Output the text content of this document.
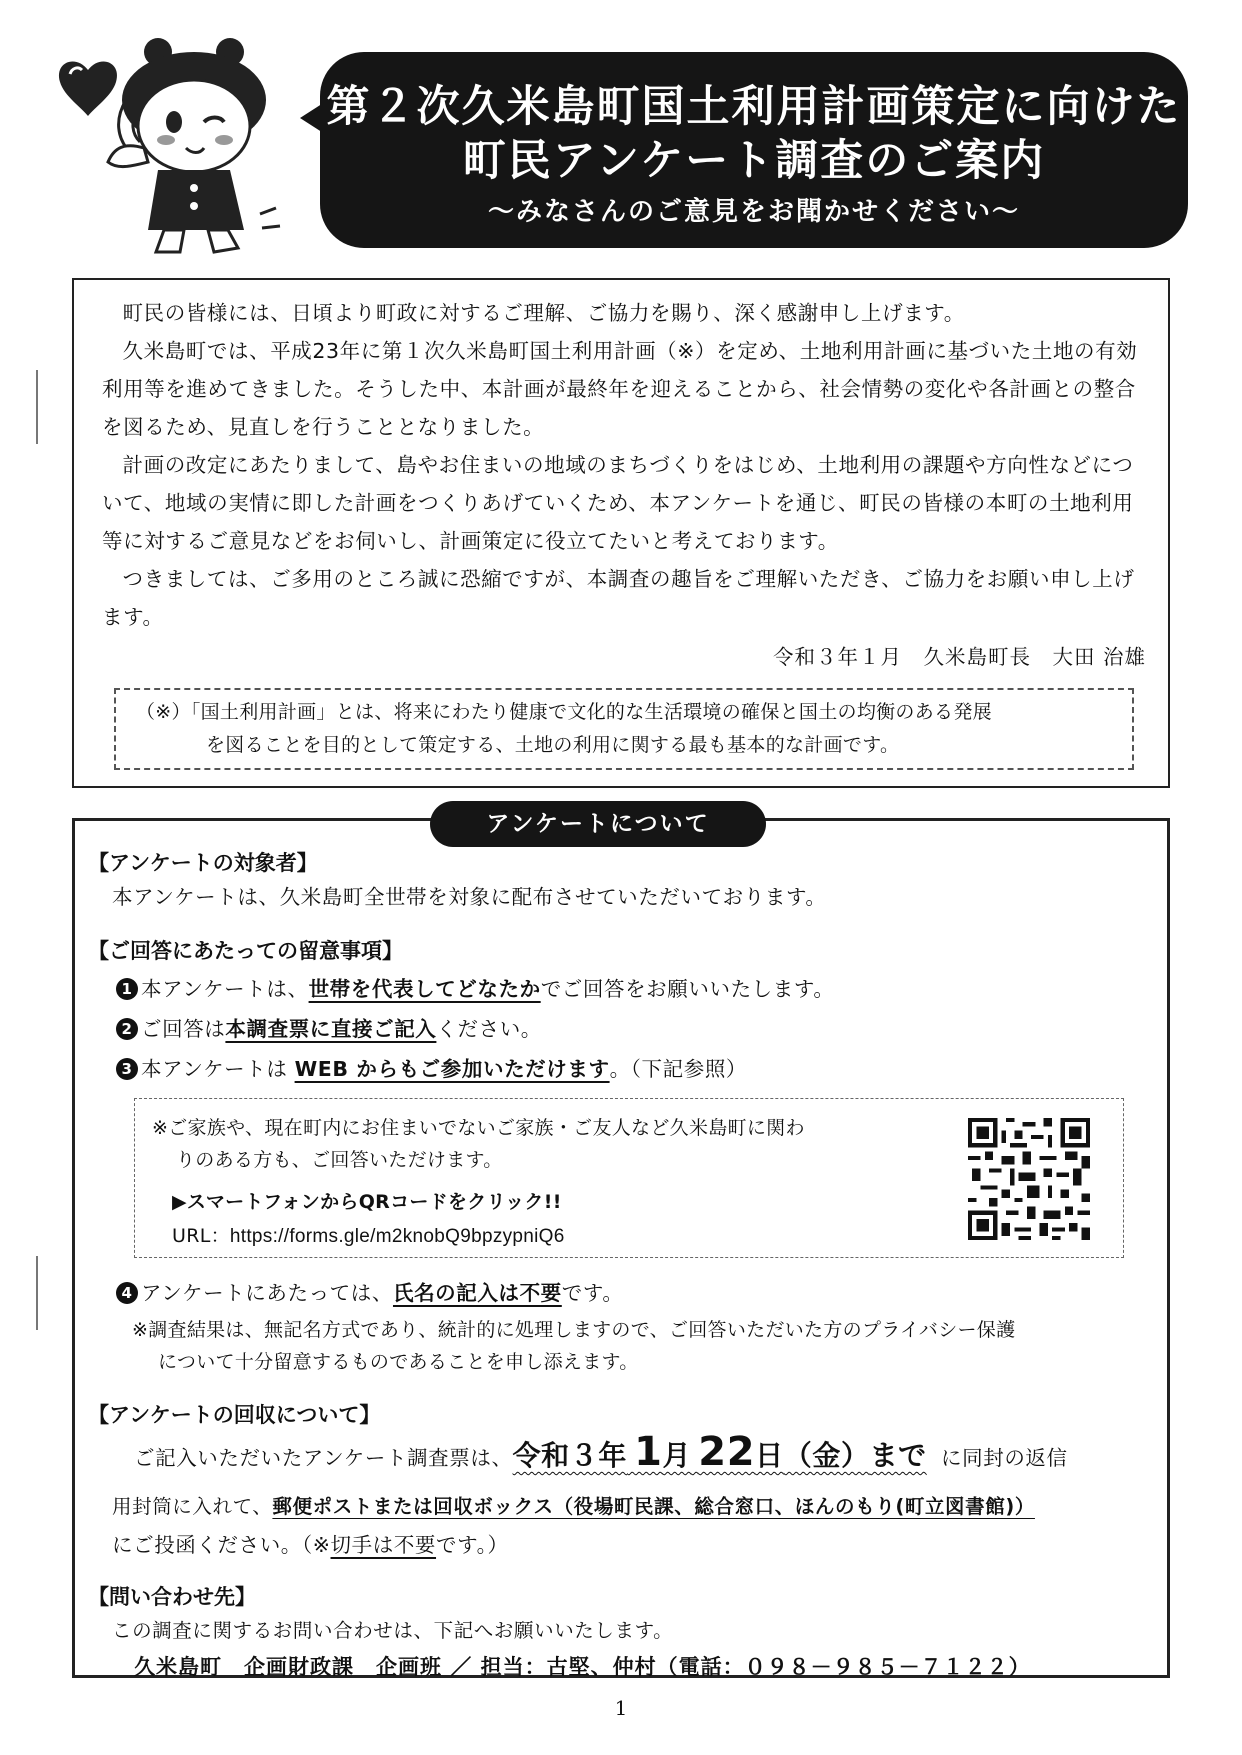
第２次久米島町国土利用計画策定に向けた
町民アンケート調査のご案内
～みなさんのご意見をお聞かせください～

町民の皆様には、日頃より町政に対するご理解、ご協力を賜り、深く感謝申し上げます。

久米島町では、平成23年に第１次久米島町国土利用計画（※）を定め、土地利用計画に基づいた土地の有効利用等を進めてきました。そうした中、本計画が最終年を迎えることから、社会情勢の変化や各計画との整合を図るため、見直しを行うこととなりました。

計画の改定にあたりまして、島やお住まいの地域のまちづくりをはじめ、土地利用の課題や方向性などについて、地域の実情に即した計画をつくりあげていくため、本アンケートを通じ、町民の皆様の本町の土地利用等に対するご意見などをお伺いし、計画策定に役立てたいと考えております。

つきましては、ご多用のところ誠に恐縮ですが、本調査の趣旨をご理解いただき、ご協力をお願い申し上げます。

令和３年１月　久米島町長　大田 治雄
（※）「国土利用計画」とは、将来にわたり健康で文化的な生活環境の確保と国土の均衡のある発展
を図ることを目的として策定する、土地の利用に関する最も基本的な計画です。
アンケートについて
【アンケートの対象者】
本アンケートは、久米島町全世帯を対象に配布させていただいております。
【ご回答にあたっての留意事項】
1 本アンケートは、世帯を代表してどなたかでご回答をお願いいたします。
2 ご回答は本調査票に直接ご記入ください。
3 本アンケートは WEB からもご参加いただけます。（下記参照）
※ご家族や、現在町内にお住まいでないご家族・ご友人など久米島町に関わ
りのある方も、ご回答いただけます。
▶スマートフォンからQRコードをクリック!!
URL：https://forms.gle/m2knobQ9bpzypniQ6
4 アンケートにあたっては、氏名の記入は不要です。
※調査結果は、無記名方式であり、統計的に処理しますので、ご回答いただいた方のプライバシー保護
について十分留意するものであることを申し添えます。
【アンケートの回収について】
ご記入いただいたアンケート調査票は、令和３年 1月 22日（金）まで に同封の返信
用封筒に入れて、郵便ポストまたは回収ボックス（役場町民課、総合窓口、ほんのもり(町立図書館)）
にご投函ください。（※切手は不要です。）
【問い合わせ先】
この調査に関するお問い合わせは、下記へお願いいたします。
久米島町　企画財政課　企画班 ／ 担当：古堅、仲村（電話：０９８－９８５－７１２２）
1
